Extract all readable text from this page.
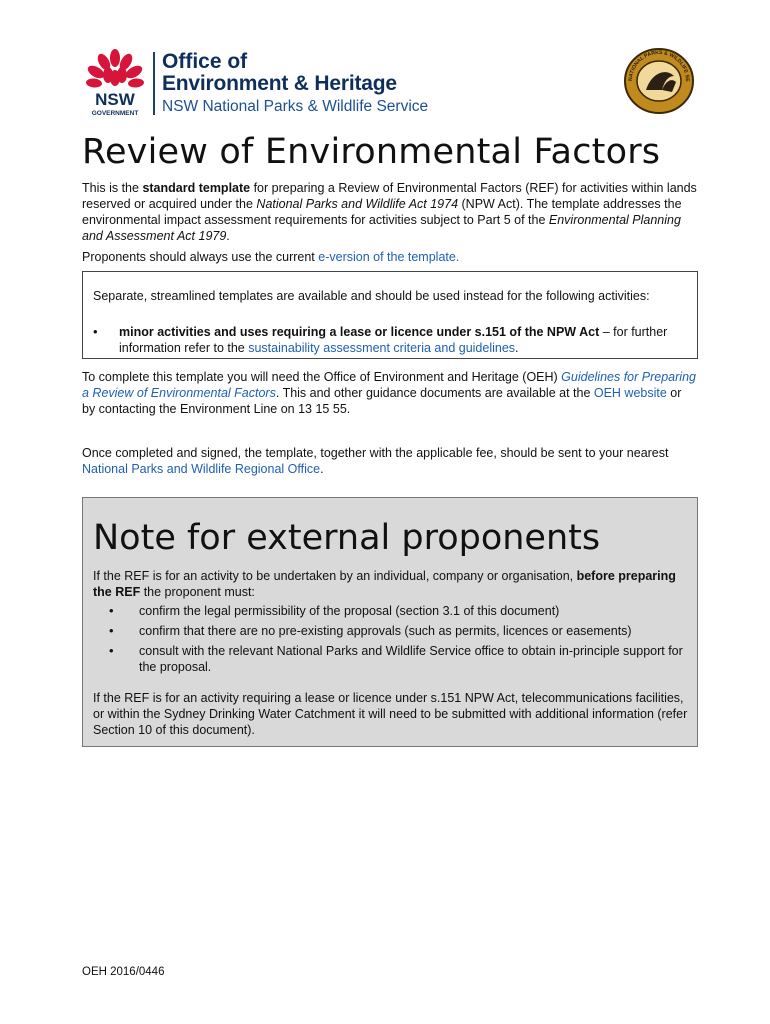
NSW
GOVERNMENT
Office of
Environment & Heritage
NSW National Parks & Wildlife Service
NATIONAL PARKS & WILDLIFE SE
Review of Environmental Factors

This is the standard template for preparing a Review of Environmental Factors (REF) for activities within lands reserved or acquired under the National Parks and Wildlife Act 1974 (NPW Act). The template addresses the environmental impact assessment requirements for activities subject to Part 5 of the Environmental Planning and Assessment Act 1979.

Proponents should always use the current e-version of the template.

Separate, streamlined templates are available and should be used instead for the following activities:

•	minor activities and uses requiring a lease or licence under s.151 of the NPW Act – for further information refer to the sustainability assessment criteria and guidelines.

To complete this template you will need the Office of Environment and Heritage (OEH) Guidelines for Preparing a Review of Environmental Factors. This and other guidance documents are available at the OEH website or by contacting the Environment Line on 13 15 55.

Once completed and signed, the template, together with the applicable fee, should be sent to your nearest National Parks and Wildlife Regional Office.

Note for external proponents

If the REF is for an activity to be undertaken by an individual, company or organisation, before preparing the REF the proponent must:

•	confirm the legal permissibility of the proposal (section 3.1 of this document)
•	confirm that there are no pre-existing approvals (such as permits, licences or easements)
•	consult with the relevant National Parks and Wildlife Service office to obtain in-principle support for the proposal.

If the REF is for an activity requiring a lease or licence under s.151 NPW Act, telecommunications facilities, or within the Sydney Drinking Water Catchment it will need to be submitted with additional information (refer Section 10 of this document).

OEH 2016/0446
